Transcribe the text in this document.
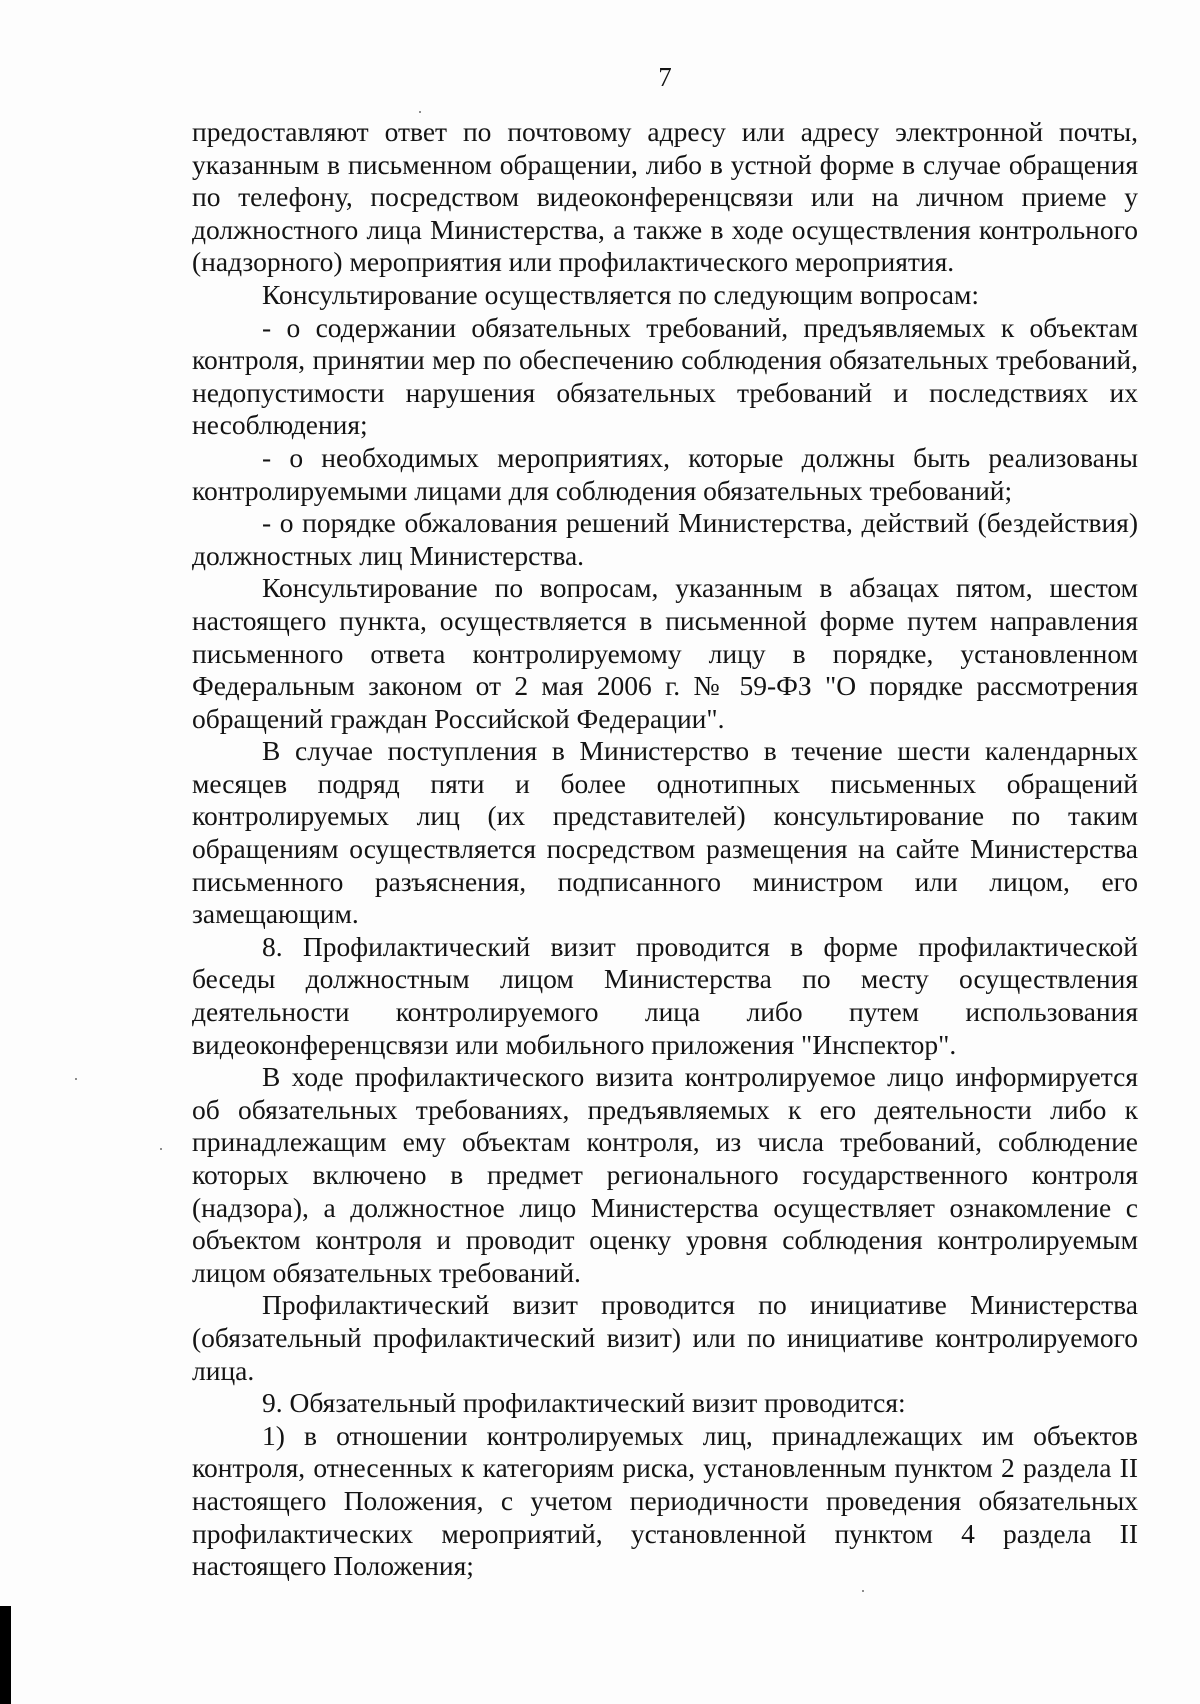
7

предоставляют ответ по почтовому адресу или адресу электронной почты, указанным в письменном обращении, либо в устной форме в случае обращения по телефону, посредством видеоконференцсвязи или на личном приеме у должностного лица Министерства, а также в ходе осуществления контрольного (надзорного) мероприятия или профилактического мероприятия.

Консультирование осуществляется по следующим вопросам:

- о содержании обязательных требований, предъявляемых к объектам контроля, принятии мер по обеспечению соблюдения обязательных требований, недопустимости нарушения обязательных требований и последствиях их несоблюдения;

- о необходимых мероприятиях, которые должны быть реализованы контролируемыми лицами для соблюдения обязательных требований;

- о порядке обжалования решений Министерства, действий (бездействия) должностных лиц Министерства.

Консультирование по вопросам, указанным в абзацах пятом, шестом настоящего пункта, осуществляется в письменной форме путем направления письменного ответа контролируемому лицу в порядке, установленном Федеральным законом от 2 мая 2006 г. № 59-ФЗ "О порядке рассмотрения обращений граждан Российской Федерации".

В случае поступления в Министерство в течение шести календарных месяцев подряд пяти и более однотипных письменных обращений контролируемых лиц (их представителей) консультирование по таким обращениям осуществляется посредством размещения на сайте Министерства письменного разъяснения, подписанного министром или лицом, его замещающим.

8. Профилактический визит проводится в форме профилактической беседы должностным лицом Министерства по месту осуществления деятельности контролируемого лица либо путем использования видеоконференцсвязи или мобильного приложения "Инспектор".

В ходе профилактического визита контролируемое лицо информируется об обязательных требованиях, предъявляемых к его деятельности либо к принадлежащим ему объектам контроля, из числа требований, соблюдение которых включено в предмет регионального государственного контроля (надзора), а должностное лицо Министерства осуществляет ознакомление с объектом контроля и проводит оценку уровня соблюдения контролируемым лицом обязательных требований.

Профилактический визит проводится по инициативе Министерства (обязательный профилактический визит) или по инициативе контролируемого лица.

9. Обязательный профилактический визит проводится:

1) в отношении контролируемых лиц, принадлежащих им объектов контроля, отнесенных к категориям риска, установленным пунктом 2 раздела II настоящего Положения, с учетом периодичности проведения обязательных профилактических мероприятий, установленной пунктом 4 раздела II настоящего Положения;
